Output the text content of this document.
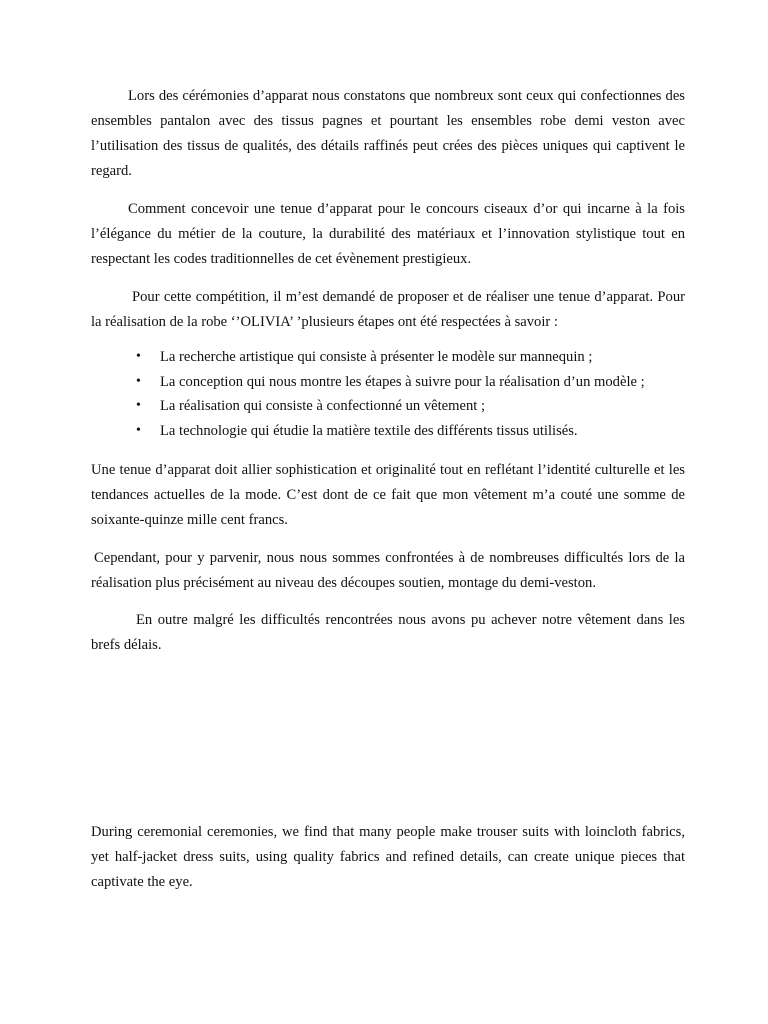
Lors des cérémonies d’apparat nous constatons que nombreux sont ceux qui confectionnes des ensembles pantalon avec des tissus pagnes et pourtant les ensembles robe demi veston avec l’utilisation des tissus de qualités, des détails raffinés peut crées des pièces uniques qui captivent le regard.

Comment concevoir une tenue d’apparat pour le concours ciseaux d’or qui incarne à la fois l’élégance du métier de la couture, la durabilité des matériaux et l’innovation stylistique tout en respectant les codes traditionnelles de cet évènement prestigieux.

Pour cette compétition, il m’est demandé de proposer et de réaliser une tenue d’apparat. Pour la réalisation de la robe ‘’OLIVIA’ ’plusieurs étapes ont été respectées à savoir :

• La recherche artistique qui consiste à présenter le modèle sur mannequin ;
• La conception qui nous montre les étapes à suivre pour la réalisation d’un modèle ;
• La réalisation qui consiste à confectionné un vêtement ;
• La technologie qui étudie la matière textile des différents tissus utilisés.

Une tenue d’apparat doit allier sophistication et originalité tout en reflétant l’identité culturelle et les tendances actuelles de la mode. C’est dont de ce fait que mon vêtement m’a couté une somme de soixante-quinze mille cent francs.

Cependant, pour y parvenir, nous nous sommes confrontées à de nombreuses difficultés lors de la réalisation plus précisément au niveau des découpes soutien, montage du demi-veston.

En outre malgré les difficultés rencontrées nous avons pu achever notre vêtement dans les brefs délais.

During ceremonial ceremonies, we find that many people make trouser suits with loincloth fabrics, yet half-jacket dress suits, using quality fabrics and refined details, can create unique pieces that captivate the eye.
